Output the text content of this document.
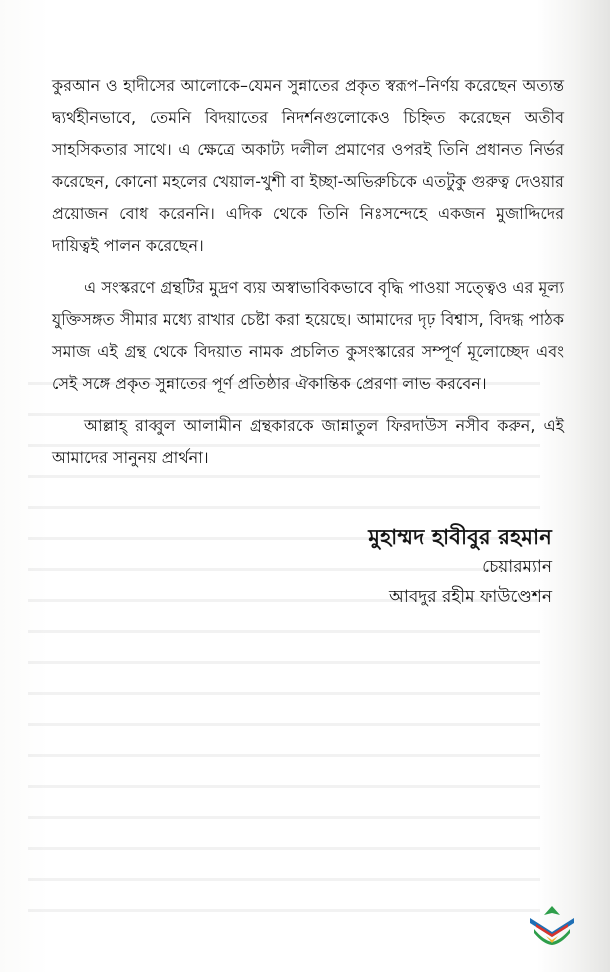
কুরআন ও হাদীসের আলোকে–যেমন সুন্নাতের প্রকৃত স্বরূপ–নির্ণয় করেছেন অত্যন্ত দ্ব্যর্থহীনভাবে, তেমনি বিদয়াতের নিদর্শনগুলোকেও চিহ্নিত করেছেন অতীব সাহসিকতার সাথে। এ ক্ষেত্রে অকাট্য দলীল প্রমাণের ওপরই তিনি প্রধানত নির্ভর করেছেন, কোনো মহলের খেয়াল-খুশী বা ইচ্ছা-অভিরুচিকে এতটুকু গুরুত্ব দেওয়ার প্রয়োজন বোধ করেননি। এদিক থেকে তিনি নিঃসন্দেহে একজন মুজাদ্দিদের দায়িত্বই পালন করেছেন।

এ সংস্করণে গ্রন্থটির মুদ্রণ ব্যয় অস্বাভাবিকভাবে বৃদ্ধি পাওয়া সত্ত্বেও এর মূল্য যুক্তিসঙ্গত সীমার মধ্যে রাখার চেষ্টা করা হয়েছে। আমাদের দৃঢ় বিশ্বাস, বিদগ্ধ পাঠক সমাজ এই গ্রন্থ থেকে বিদয়াত নামক প্রচলিত কুসংস্কারের সম্পূর্ণ মূলোচ্ছেদ এবং সেই সঙ্গে প্রকৃত সুন্নাতের পূর্ণ প্রতিষ্ঠার ঐকান্তিক প্রেরণা লাভ করবেন।

আল্লাহ্ রাব্বুল আলামীন গ্রন্থকারকে জান্নাতুল ফিরদাউস নসীব করুন, এই আমাদের সানুনয় প্রার্থনা।

মুহাম্মদ হাবীবুর রহমান
চেয়ারম্যান
আবদুর রহীম ফাউণ্ডেশন
